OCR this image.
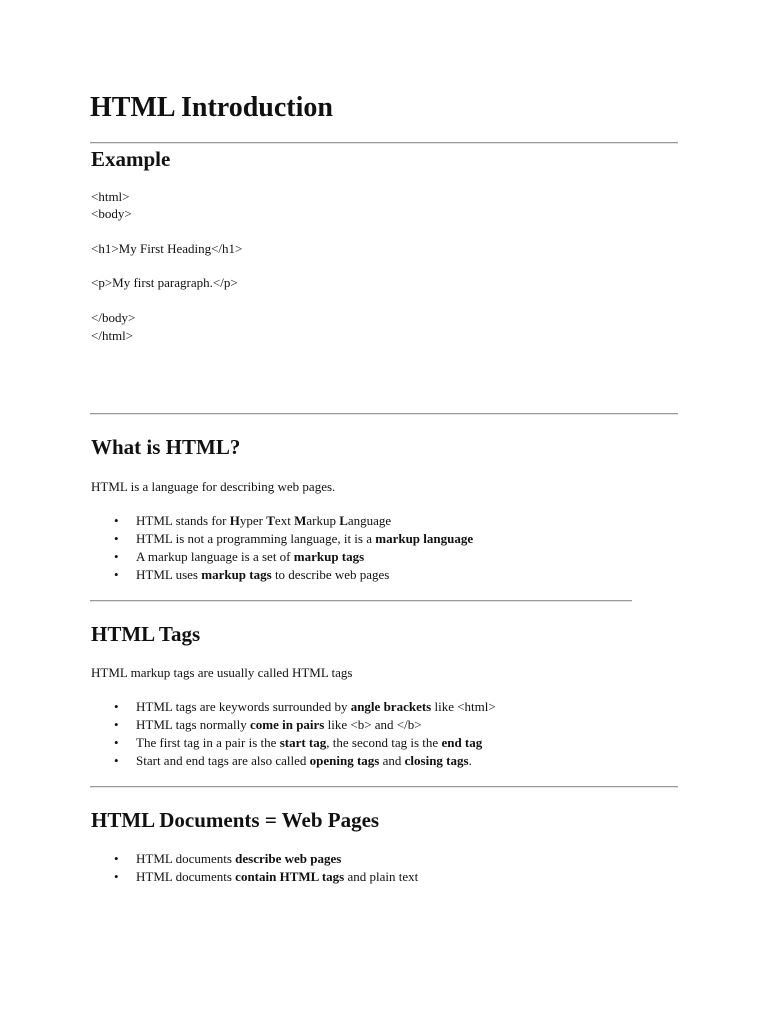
HTML Introduction
Example
<html>
<body>
<h1>My First Heading</h1>
<p>My first paragraph.</p>
</body>
</html>
What is HTML?
HTML is a language for describing web pages.
• HTML stands for Hyper Text Markup Language
• HTML is not a programming language, it is a markup language
• A markup language is a set of markup tags
• HTML uses markup tags to describe web pages
HTML Tags
HTML markup tags are usually called HTML tags
• HTML tags are keywords surrounded by angle brackets like <html>
• HTML tags normally come in pairs like <b> and </b>
• The first tag in a pair is the start tag, the second tag is the end tag
• Start and end tags are also called opening tags and closing tags.
HTML Documents = Web Pages
• HTML documents describe web pages
• HTML documents contain HTML tags and plain text
